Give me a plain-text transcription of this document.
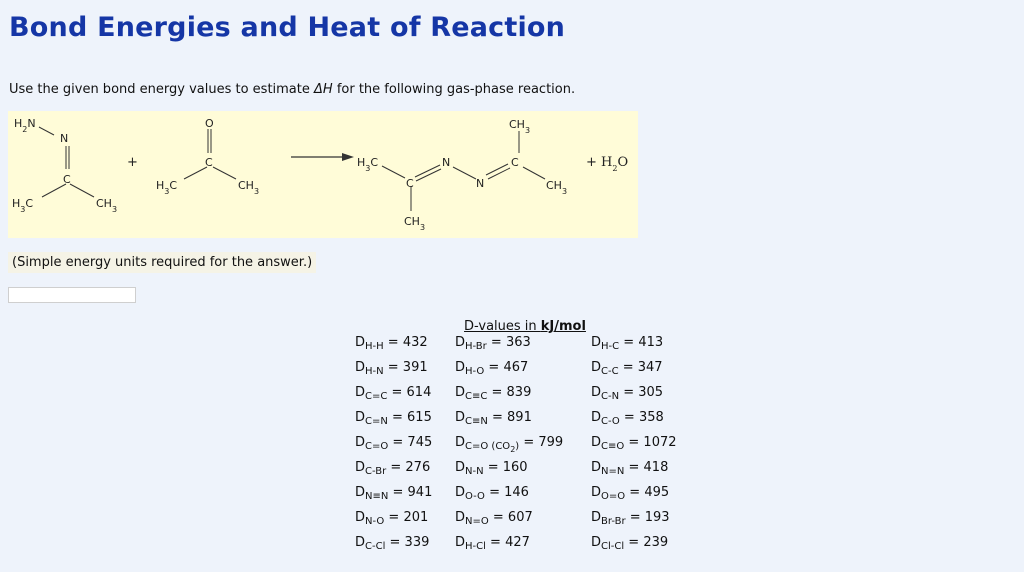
Bond Energies and Heat of Reaction
Use the given bond energy values to estimate ΔH for the following gas-phase reaction.
$H_2N$
N
C
$H_3C$	$CH_3$
+
O
C
$H_3C$	$CH_3$
$H_3C$
C
N
N
C
$CH_3$
$CH_3$
$CH_3$
+ $H_2O$
(Simple energy units required for the answer.)
D-values in kJ/mol
$D_{H-H} = 432$ $D_{H-Br} = 363$	$D_{H-C} = 413$
$D_{H-N} = 391$ $D_{H-O} = 467$	$D_{C-C} = 347$
$D_{C=C} = 614$ $D_{C\equiv C} = 839$	$D_{C-N} = 305$
$D_{C=N} = 615$ $D_{C\equiv N} = 891$	$D_{C-O} = 358$
$D_{C=O} = 745$ $D_{C=O (CO_2)} = 799$ $D_{C\equiv O} = 1072$
$D_{C-Br} = 276$ $D_{N-N} = 160$	$D_{N=N} = 418$
$D_{N\equiv N} = 941$ $D_{O-O} = 146$	$D_{O=O} = 495$
$D_{N-O} = 201$ $D_{N=O} = 607$	$D_{Br-Br} = 193$
$D_{C-Cl} = 339$ $D_{H-Cl} = 427$	$D_{Cl-Cl} = 239$
